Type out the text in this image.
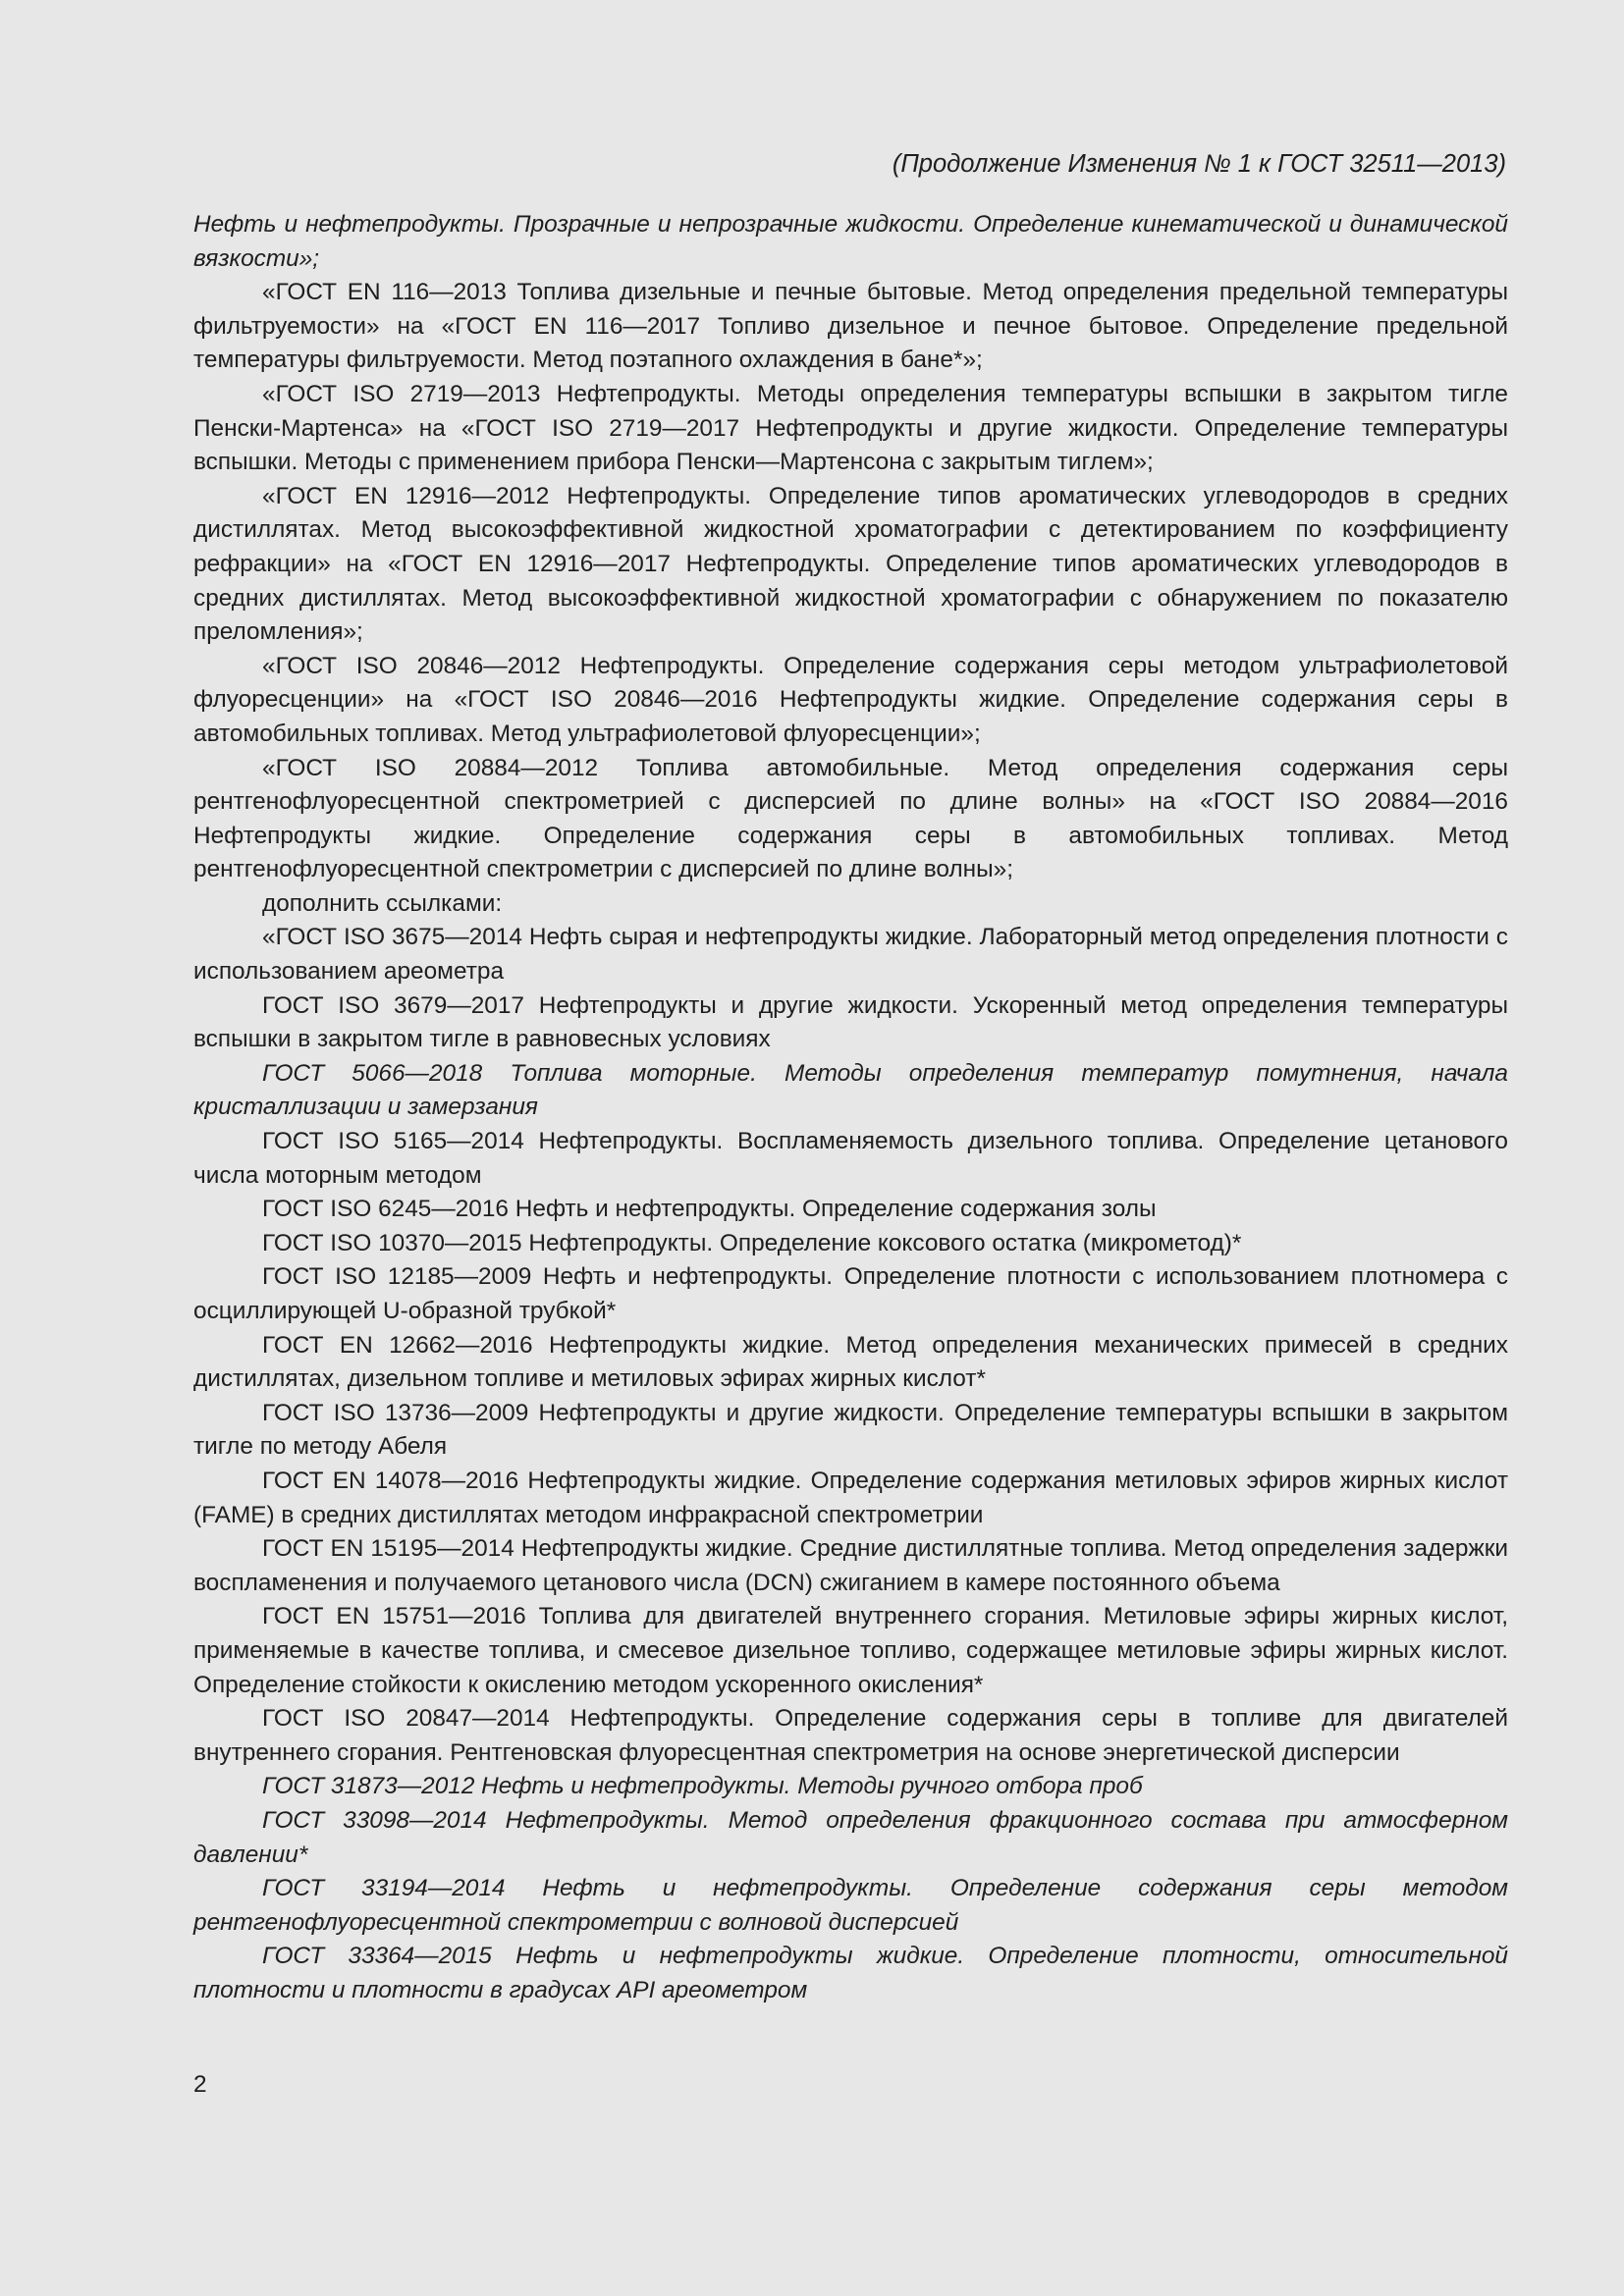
(Продолжение Изменения № 1 к ГОСТ 32511—2013)

Нефть и нефтепродукты. Прозрачные и непрозрачные жидкости. Определение кинематической и динамической вязкости»;

«ГОСТ EN 116—2013 Топлива дизельные и печные бытовые. Метод определения предельной температуры фильтруемости» на «ГОСТ EN 116—2017 Топливо дизельное и печное бытовое. Определение предельной температуры фильтруемости. Метод поэтапного охлаждения в бане*»;

«ГОСТ ISO 2719—2013 Нефтепродукты. Методы определения температуры вспышки в закрытом тигле Пенски-Мартенса» на «ГОСТ ISO 2719—2017 Нефтепродукты и другие жидкости. Определение температуры вспышки. Методы с применением прибора Пенски—Мартенсона с закрытым тиглем»;

«ГОСТ EN 12916—2012 Нефтепродукты. Определение типов ароматических углеводородов в средних дистиллятах. Метод высокоэффективной жидкостной хроматографии с детектированием по коэффициенту рефракции» на «ГОСТ EN 12916—2017 Нефтепродукты. Определение типов ароматических углеводородов в средних дистиллятах. Метод высокоэффективной жидкостной хроматографии с обнаружением по показателю преломления»;

«ГОСТ ISO 20846—2012 Нефтепродукты. Определение содержания серы методом ультрафиолетовой флуоресценции» на «ГОСТ ISO 20846—2016 Нефтепродукты жидкие. Определение содержания серы в автомобильных топливах. Метод ультрафиолетовой флуоресценции»;

«ГОСТ ISO 20884—2012 Топлива автомобильные. Метод определения содержания серы рентгенофлуоресцентной спектрометрией с дисперсией по длине волны» на «ГОСТ ISO 20884—2016 Нефтепродукты жидкие. Определение содержания серы в автомобильных топливах. Метод рентгенофлуоресцентной спектрометрии с дисперсией по длине волны»;

дополнить ссылками:

«ГОСТ ISO 3675—2014 Нефть сырая и нефтепродукты жидкие. Лабораторный метод определения плотности с использованием ареометра

ГОСТ ISO 3679—2017 Нефтепродукты и другие жидкости. Ускоренный метод определения температуры вспышки в закрытом тигле в равновесных условиях

ГОСТ 5066—2018 Топлива моторные. Методы определения температур помутнения, начала кристаллизации и замерзания

ГОСТ ISO 5165—2014 Нефтепродукты. Воспламеняемость дизельного топлива. Определение цетанового числа моторным методом

ГОСТ ISO 6245—2016 Нефть и нефтепродукты. Определение содержания золы

ГОСТ ISO 10370—2015 Нефтепродукты. Определение коксового остатка (микрометод)*

ГОСТ ISO 12185—2009 Нефть и нефтепродукты. Определение плотности с использованием плотномера с осциллирующей U-образной трубкой*

ГОСТ EN 12662—2016 Нефтепродукты жидкие. Метод определения механических примесей в средних дистиллятах, дизельном топливе и метиловых эфирах жирных кислот*

ГОСТ ISO 13736—2009 Нефтепродукты и другие жидкости. Определение температуры вспышки в закрытом тигле по методу Абеля

ГОСТ EN 14078—2016 Нефтепродукты жидкие. Определение содержания метиловых эфиров жирных кислот (FAME) в средних дистиллятах методом инфракрасной спектрометрии

ГОСТ EN 15195—2014 Нефтепродукты жидкие. Средние дистиллятные топлива. Метод определения задержки воспламенения и получаемого цетанового числа (DCN) сжиганием в камере постоянного объема

ГОСТ EN 15751—2016 Топлива для двигателей внутреннего сгорания. Метиловые эфиры жирных кислот, применяемые в качестве топлива, и смесевое дизельное топливо, содержащее метиловые эфиры жирных кислот. Определение стойкости к окислению методом ускоренного окисления*

ГОСТ ISO 20847—2014 Нефтепродукты. Определение содержания серы в топливе для двигателей внутреннего сгорания. Рентгеновская флуоресцентная спектрометрия на основе энергетической дисперсии

ГОСТ 31873—2012 Нефть и нефтепродукты. Методы ручного отбора проб

ГОСТ 33098—2014 Нефтепродукты. Метод определения фракционного состава при атмосферном давлении*

ГОСТ 33194—2014 Нефть и нефтепродукты. Определение содержания серы методом рентгенофлуоресцентной спектрометрии с волновой дисперсией

ГОСТ 33364—2015 Нефть и нефтепродукты жидкие. Определение плотности, относительной плотности и плотности в градусах API ареометром

2
